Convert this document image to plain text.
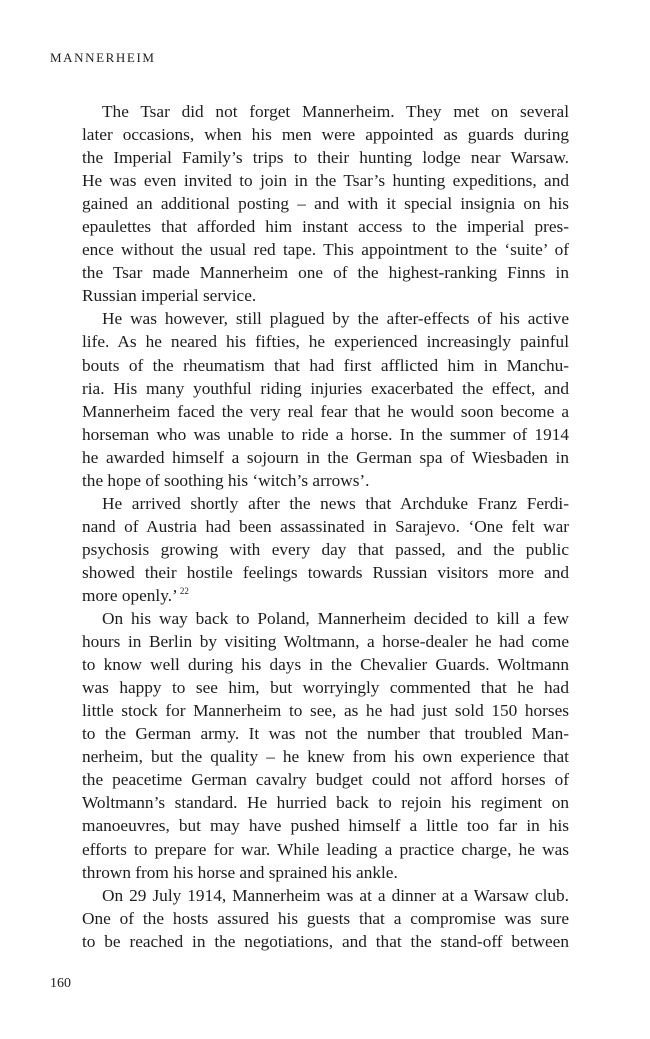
MANNERHEIM
The Tsar did not forget Mannerheim. They met on several
later occasions, when his men were appointed as guards during
the Imperial Family’s trips to their hunting lodge near Warsaw.
He was even invited to join in the Tsar’s hunting expeditions, and
gained an additional posting – and with it special insignia on his
epaulettes that afforded him instant access to the imperial pres-
ence without the usual red tape. This appointment to the ‘suite’ of
the Tsar made Mannerheim one of the highest-ranking Finns in
Russian imperial service.
He was however, still plagued by the after-effects of his active
life. As he neared his fifties, he experienced increasingly painful
bouts of the rheumatism that had first afflicted him in Manchu-
ria. His many youthful riding injuries exacerbated the effect, and
Mannerheim faced the very real fear that he would soon become a
horseman who was unable to ride a horse. In the summer of 1914
he awarded himself a sojourn in the German spa of Wiesbaden in
the hope of soothing his ‘witch’s arrows’.
He arrived shortly after the news that Archduke Franz Ferdi-
nand of Austria had been assassinated in Sarajevo. ‘One felt war
psychosis growing with every day that passed, and the public
showed their hostile feelings towards Russian visitors more and
more openly.’ $^{22}$
On his way back to Poland, Mannerheim decided to kill a few
hours in Berlin by visiting Woltmann, a horse-dealer he had come
to know well during his days in the Chevalier Guards. Woltmann
was happy to see him, but worryingly commented that he had
little stock for Mannerheim to see, as he had just sold 150 horses
to the German army. It was not the number that troubled Man-
nerheim, but the quality – he knew from his own experience that
the peacetime German cavalry budget could not afford horses of
Woltmann’s standard. He hurried back to rejoin his regiment on
manoeuvres, but may have pushed himself a little too far in his
efforts to prepare for war. While leading a practice charge, he was
thrown from his horse and sprained his ankle.
On 29 July 1914, Mannerheim was at a dinner at a Warsaw club.
One of the hosts assured his guests that a compromise was sure
to be reached in the negotiations, and that the stand-off between
160
